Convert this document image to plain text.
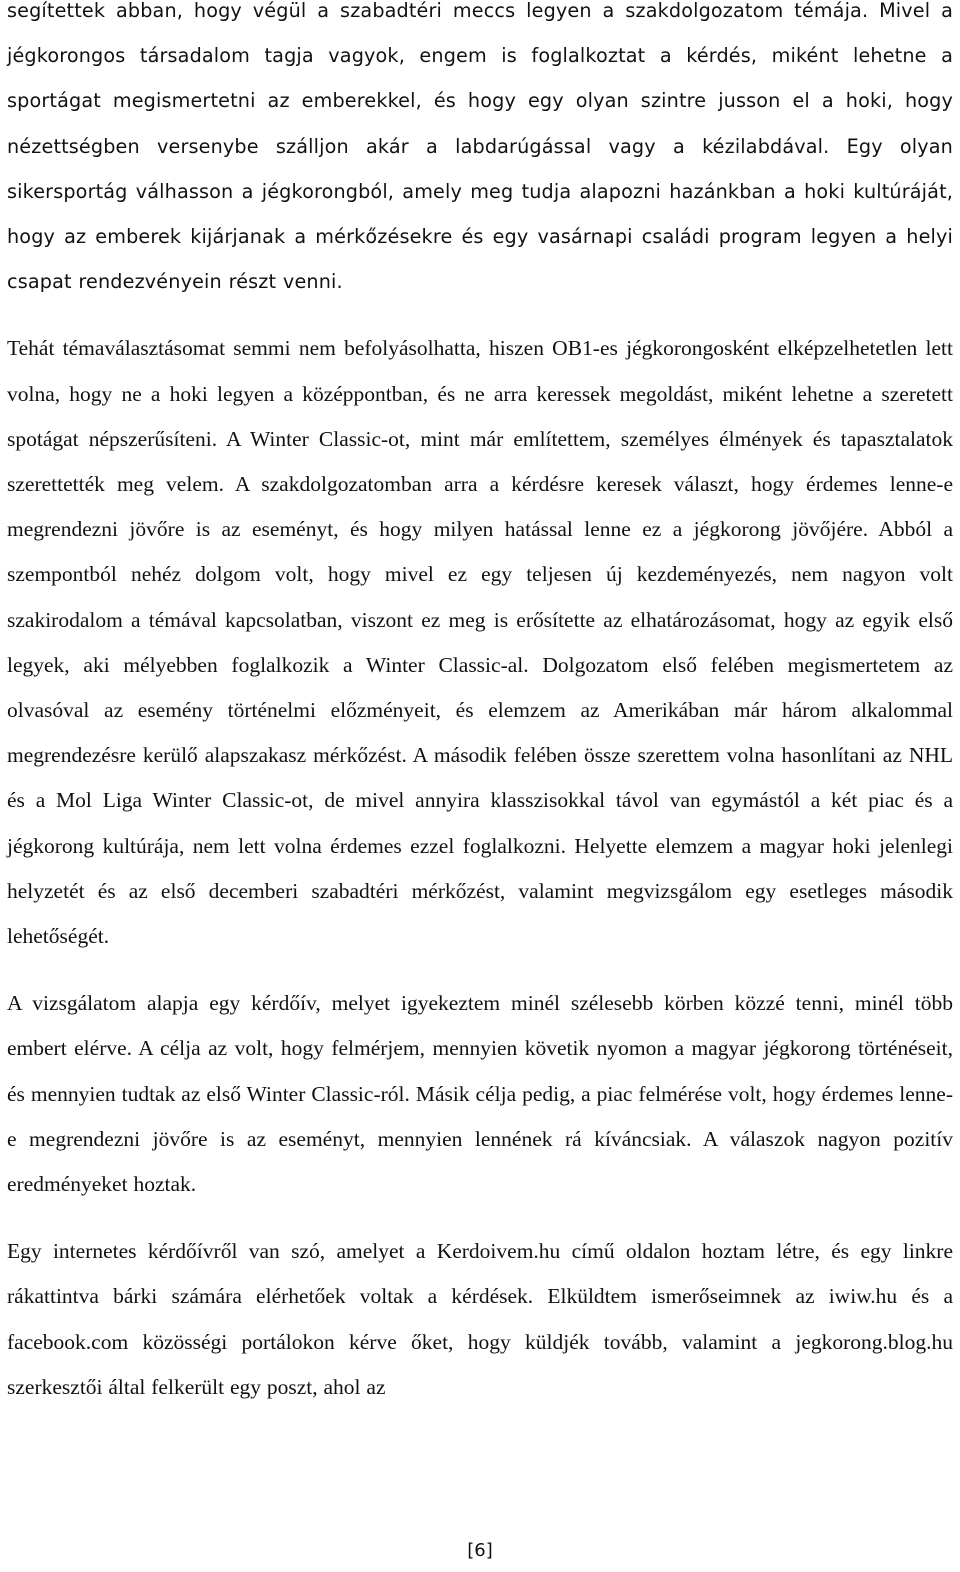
segítettek abban, hogy végül a szabadtéri meccs legyen a szakdolgozatom témája. Mivel a jégkorongos társadalom tagja vagyok, engem is foglalkoztat a kérdés, miként lehetne a sportágat megismertetni az emberekkel, és hogy egy olyan szintre jusson el a hoki, hogy nézettségben versenybe szálljon akár a labdarúgással vagy a kézilabdával. Egy olyan sikersportág válhasson a jégkorongból, amely meg tudja alapozni hazánkban a hoki kultúráját, hogy az emberek kijárjanak a mérkőzésekre és egy vasárnapi családi program legyen a helyi csapat rendezvényein részt venni.

Tehát témaválasztásomat semmi nem befolyásolhatta, hiszen OB1-es jégkorongosként elképzelhetetlen lett volna, hogy ne a hoki legyen a középpontban, és ne arra keressek megoldást, miként lehetne a szeretett spotágat népszerűsíteni. A Winter Classic-ot, mint már említettem, személyes élmények és tapasztalatok szerettették meg velem. A szakdolgozatomban arra a kérdésre keresek választ, hogy érdemes lenne-e megrendezni jövőre is az eseményt, és hogy milyen hatással lenne ez a jégkorong jövőjére. Abból a szempontból nehéz dolgom volt, hogy mivel ez egy teljesen új kezdeményezés, nem nagyon volt szakirodalom a témával kapcsolatban, viszont ez meg is erősítette az elhatározásomat, hogy az egyik első legyek, aki mélyebben foglalkozik a Winter Classic-al. Dolgozatom első felében megismertetem az olvasóval az esemény történelmi előzményeit, és elemzem az Amerikában már három alkalommal megrendezésre kerülő alapszakasz mérkőzést. A második felében össze szerettem volna hasonlítani az NHL és a Mol Liga Winter Classic-ot, de mivel annyira klasszisokkal távol van egymástól a két piac és a jégkorong kultúrája, nem lett volna érdemes ezzel foglalkozni. Helyette elemzem a magyar hoki jelenlegi helyzetét és az első decemberi szabadtéri mérkőzést, valamint megvizsgálom egy esetleges második lehetőségét.

A vizsgálatom alapja egy kérdőív, melyet igyekeztem minél szélesebb körben közzé tenni, minél több embert elérve. A célja az volt, hogy felmérjem, mennyien követik nyomon a magyar jégkorong történéseit, és mennyien tudtak az első Winter Classic-ról. Másik célja pedig, a piac felmérése volt, hogy érdemes lenne-e megrendezni jövőre is az eseményt, mennyien lennének rá kíváncsiak. A válaszok nagyon pozitív eredményeket hoztak.

Egy internetes kérdőívről van szó, amelyet a Kerdoivem.hu című oldalon hoztam létre, és egy linkre rákattintva bárki számára elérhetőek voltak a kérdések. Elküldtem ismerőseimnek az iwiw.hu és a facebook.com közösségi portálokon kérve őket, hogy küldjék tovább, valamint a jegkorong.blog.hu szerkesztői által felkerült egy poszt, ahol az

[6]
